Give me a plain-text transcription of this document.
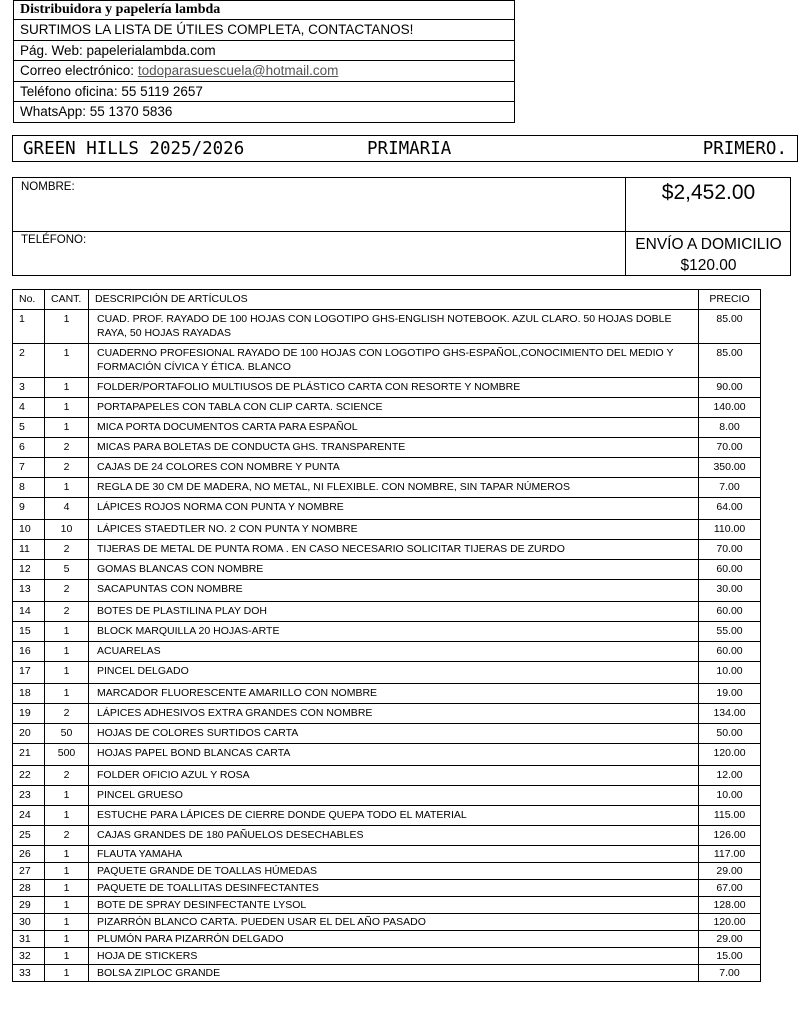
Distribuidora y papelería lambda
SURTIMOS LA LISTA DE ÚTILES COMPLETA, CONTACTANOS!
Pág. Web: papelerialambda.com
Correo electrónico: todoparasuescuela@hotmail.com
Teléfono oficina: 55 5119 2657
WhatsApp: 55 1370 5836
GREEN HILLS 2025/2026	PRIMARIA	PRIMERO.
NOMBRE:
TELÉFONO:
$2,452.00
ENVÍO A DOMICILIO
$120.00
No.	CANT.	DESCRIPCIÓN DE ARTÍCULOS	PRECIO
1	1	CUAD. PROF. RAYADO DE 100 HOJAS CON LOGOTIPO GHS-ENGLISH NOTEBOOK. AZUL CLARO. 50 HOJAS DOBLE RAYA, 50 HOJAS RAYADAS	85.00
2	1	CUADERNO PROFESIONAL RAYADO DE 100 HOJAS CON LOGOTIPO GHS-ESPAÑOL,CONOCIMIENTO DEL MEDIO Y FORMACIÓN CÍVICA Y ÉTICA. BLANCO	85.00
3	1	FOLDER/PORTAFOLIO MULTIUSOS DE PLÁSTICO CARTA CON RESORTE Y NOMBRE	90.00
4	1	PORTAPAPELES CON TABLA CON CLIP CARTA. SCIENCE	140.00
5	1	MICA PORTA DOCUMENTOS CARTA PARA ESPAÑOL	8.00
6	2	MICAS PARA BOLETAS DE CONDUCTA GHS. TRANSPARENTE	70.00
7	2	CAJAS DE 24 COLORES CON NOMBRE Y PUNTA	350.00
8	1	REGLA DE 30 CM DE MADERA, NO METAL, NI FLEXIBLE. CON NOMBRE, SIN TAPAR NÚMEROS	7.00
9	4	LÁPICES ROJOS NORMA CON PUNTA Y NOMBRE	64.00
10	10	LÁPICES STAEDTLER NO. 2 CON PUNTA Y NOMBRE	110.00
11	2	TIJERAS DE METAL DE PUNTA ROMA . EN CASO NECESARIO SOLICITAR TIJERAS DE ZURDO	70.00
12	5	GOMAS BLANCAS CON NOMBRE	60.00
13	2	SACAPUNTAS CON NOMBRE	30.00
14	2	BOTES DE PLASTILINA PLAY DOH	60.00
15	1	BLOCK MARQUILLA 20 HOJAS-ARTE	55.00
16	1	ACUARELAS	60.00
17	1	PINCEL DELGADO	10.00
18	1	MARCADOR FLUORESCENTE AMARILLO CON NOMBRE	19.00
19	2	LÁPICES ADHESIVOS EXTRA GRANDES CON NOMBRE	134.00
20	50	HOJAS DE COLORES SURTIDOS CARTA	50.00
21	500	HOJAS PAPEL BOND BLANCAS CARTA	120.00
22	2	FOLDER OFICIO AZUL Y ROSA	12.00
23	1	PINCEL GRUESO	10.00
24	1	ESTUCHE PARA LÁPICES DE CIERRE DONDE QUEPA TODO EL MATERIAL	115.00
25	2	CAJAS GRANDES DE 180 PAÑUELOS DESECHABLES	126.00
26	1	FLAUTA YAMAHA	117.00
27	1	PAQUETE GRANDE DE TOALLAS HÚMEDAS	29.00
28	1	PAQUETE DE TOALLITAS DESINFECTANTES	67.00
29	1	BOTE DE SPRAY DESINFECTANTE LYSOL	128.00
30	1	PIZARRÓN BLANCO CARTA. PUEDEN USAR EL DEL AÑO PASADO	120.00
31	1	PLUMÓN PARA PIZARRÓN DELGADO	29.00
32	1	HOJA DE STICKERS	15.00
33	1	BOLSA ZIPLOC GRANDE	7.00
